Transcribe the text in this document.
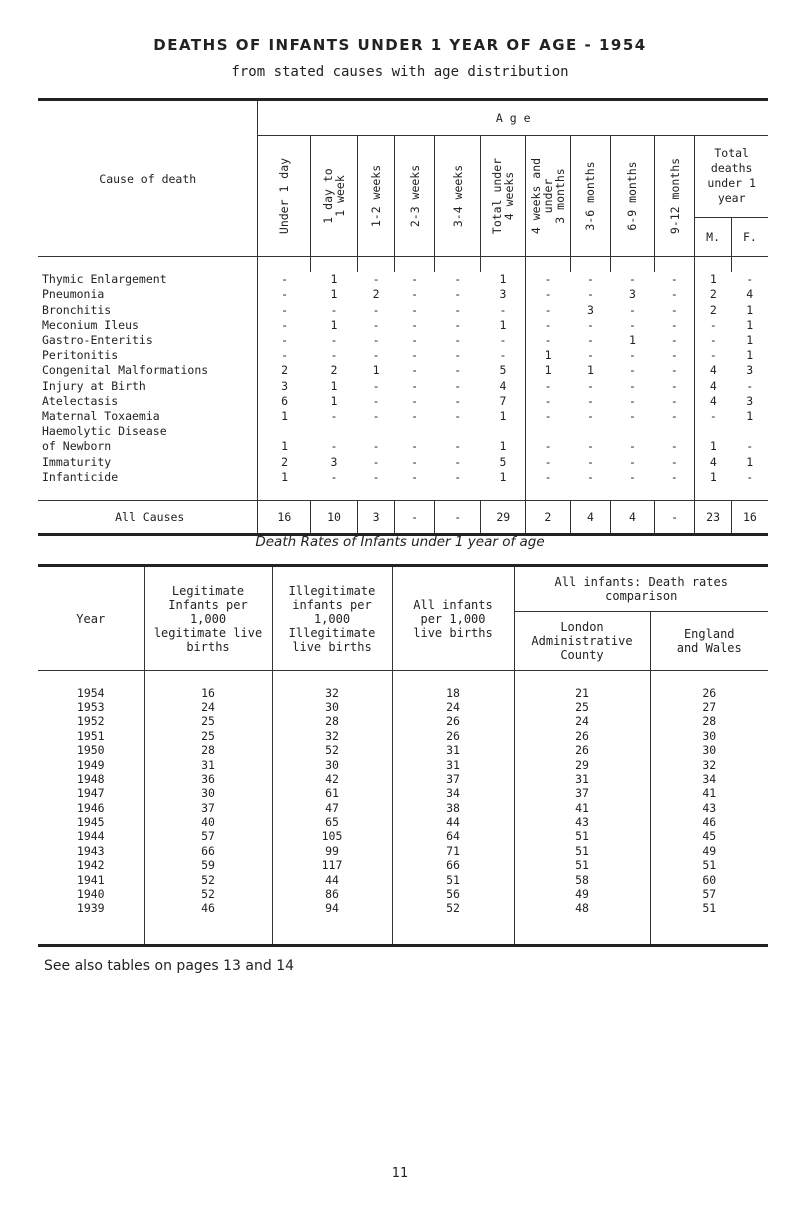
DEATHS OF INFANTS UNDER 1 YEAR OF AGE - 1954
from stated causes with age distribution
Cause of death	A g e											

	Under 1 day	1 day to
1 week	1-2 weeks	2-3 weeks	3-4 weeks	Total under
4 weeks	4 weeks and
under
3 months	3-6 months	6-9 months	9-12 months	Total deaths under 1 year	
											M.	F.

Thymic Enlargement	-	1	-	-	-	1	-	-	-	-	1	-
Pneumonia	-	1	2	-	-	3	-	-	3	-	2	4
Bronchitis	-	-	-	-	-	-	-	3	-	-	2	1
Meconium Ileus	-	1	-	-	-	1	-	-	-	-	-	1
Gastro-Enteritis	-	-	-	-	-	-	-	-	1	-	-	1
Peritonitis	-	-	-	-	-	-	1	-	-	-	-	1
Congenital Malformations	2	2	1	-	-	5	1	1	-	-	4	3
Injury at Birth	3	1	-	-	-	4	-	-	-	-	4	-
Atelectasis	6	1	-	-	-	7	-	-	-	-	4	3
Maternal Toxaemia	1	-	-	-	-	1	-	-	-	-	-	1
Haemolytic Disease												
of Newborn	1	-	-	-	-	1	-	-	-	-	1	-
Immaturity	2	3	-	-	-	5	-	-	-	-	4	1
Infanticide	1	-	-	-	-	1	-	-	-	-	1	-

All Causes	16	10	3	-	-	29	2	4	4	-	23	16
Death Rates of Infants under 1 year of age
Year	Legitimate Infants per 1,000 legitimate live births	Illegitimate infants per 1,000 Illegitimate live births	All infants per 1,000 live births	All infants: Death rates comparison	
				London Administrative County	England and Wales

1954	16	32	18	21	26
1953	24	30	24	25	27
1952	25	28	26	24	28
1951	25	32	26	26	30
1950	28	52	31	26	30
1949	31	30	31	29	32
1948	36	42	37	31	34
1947	30	61	34	37	41
1946	37	47	38	41	43
1945	40	65	44	43	46
1944	57	105	64	51	45
1943	66	99	71	51	49
1942	59	117	66	51	51
1941	52	44	51	58	60
1940	52	86	56	49	57
1939	46	94	52	48	51

See also tables on pages 13 and 14
11
